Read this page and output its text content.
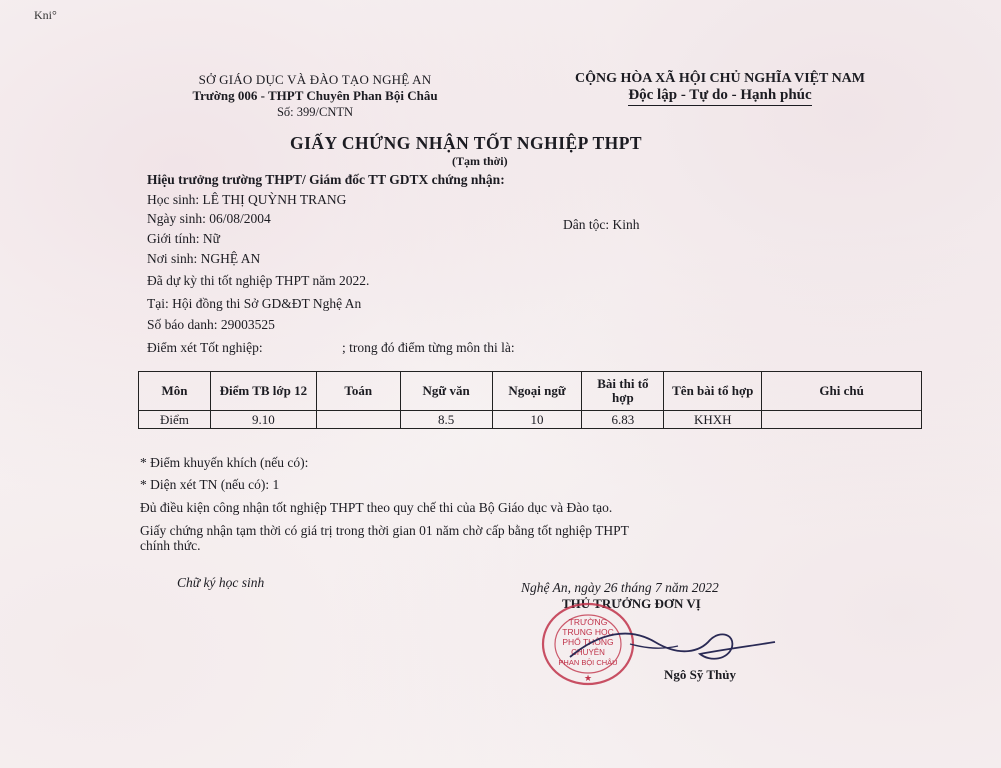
Kni°
SỞ GIÁO DỤC VÀ ĐÀO TẠO NGHỆ AN
Trường 006 - THPT Chuyên Phan Bội Châu
Số: 399/CNTN
CỘNG HÒA XÃ HỘI CHỦ NGHĨA VIỆT NAM
Độc lập - Tự do - Hạnh phúc
GIẤY CHỨNG NHẬN TỐT NGHIỆP THPT
(Tạm thời)
Hiệu trưởng trường THPT/ Giám đốc TT GDTX chứng nhận:
Học sinh: LÊ THỊ QUỲNH TRANG
Ngày sinh: 06/08/2004	Dân tộc: Kinh
Giới tính: Nữ
Nơi sinh: NGHỆ AN
Đã dự kỳ thi tốt nghiệp THPT năm 2022.
Tại: Hội đồng thi Sở GD&ĐT Nghệ An
Số báo danh: 29003525
Điểm xét Tốt nghiệp:	; trong đó điểm từng môn thi là:
Môn	Điểm TB lớp 12	Toán	Ngữ văn	Ngoại ngữ	Bài thi tổ hợp	Tên bài tổ hợp	Ghi chú
Điểm	9.10		8.5	10	6.83	KHXH	
* Điểm khuyến khích (nếu có):
* Diện xét TN (nếu có): 1
Đủ điều kiện công nhận tốt nghiệp THPT theo quy chế thi của Bộ Giáo dục và Đào tạo.
Giấy chứng nhận tạm thời có giá trị trong thời gian 01 năm chờ cấp bằng tốt nghiệp THPT
chính thức.
Chữ ký học sinh	Nghệ An, ngày 26 tháng 7 năm 2022
THỦ TRƯỞNG ĐƠN VỊ
TRƯỜNG
TRUNG HỌC
PHỔ THÔNG
CHUYÊN
PHAN BỘI CHÂU
★	Ngô Sỹ Thủy
